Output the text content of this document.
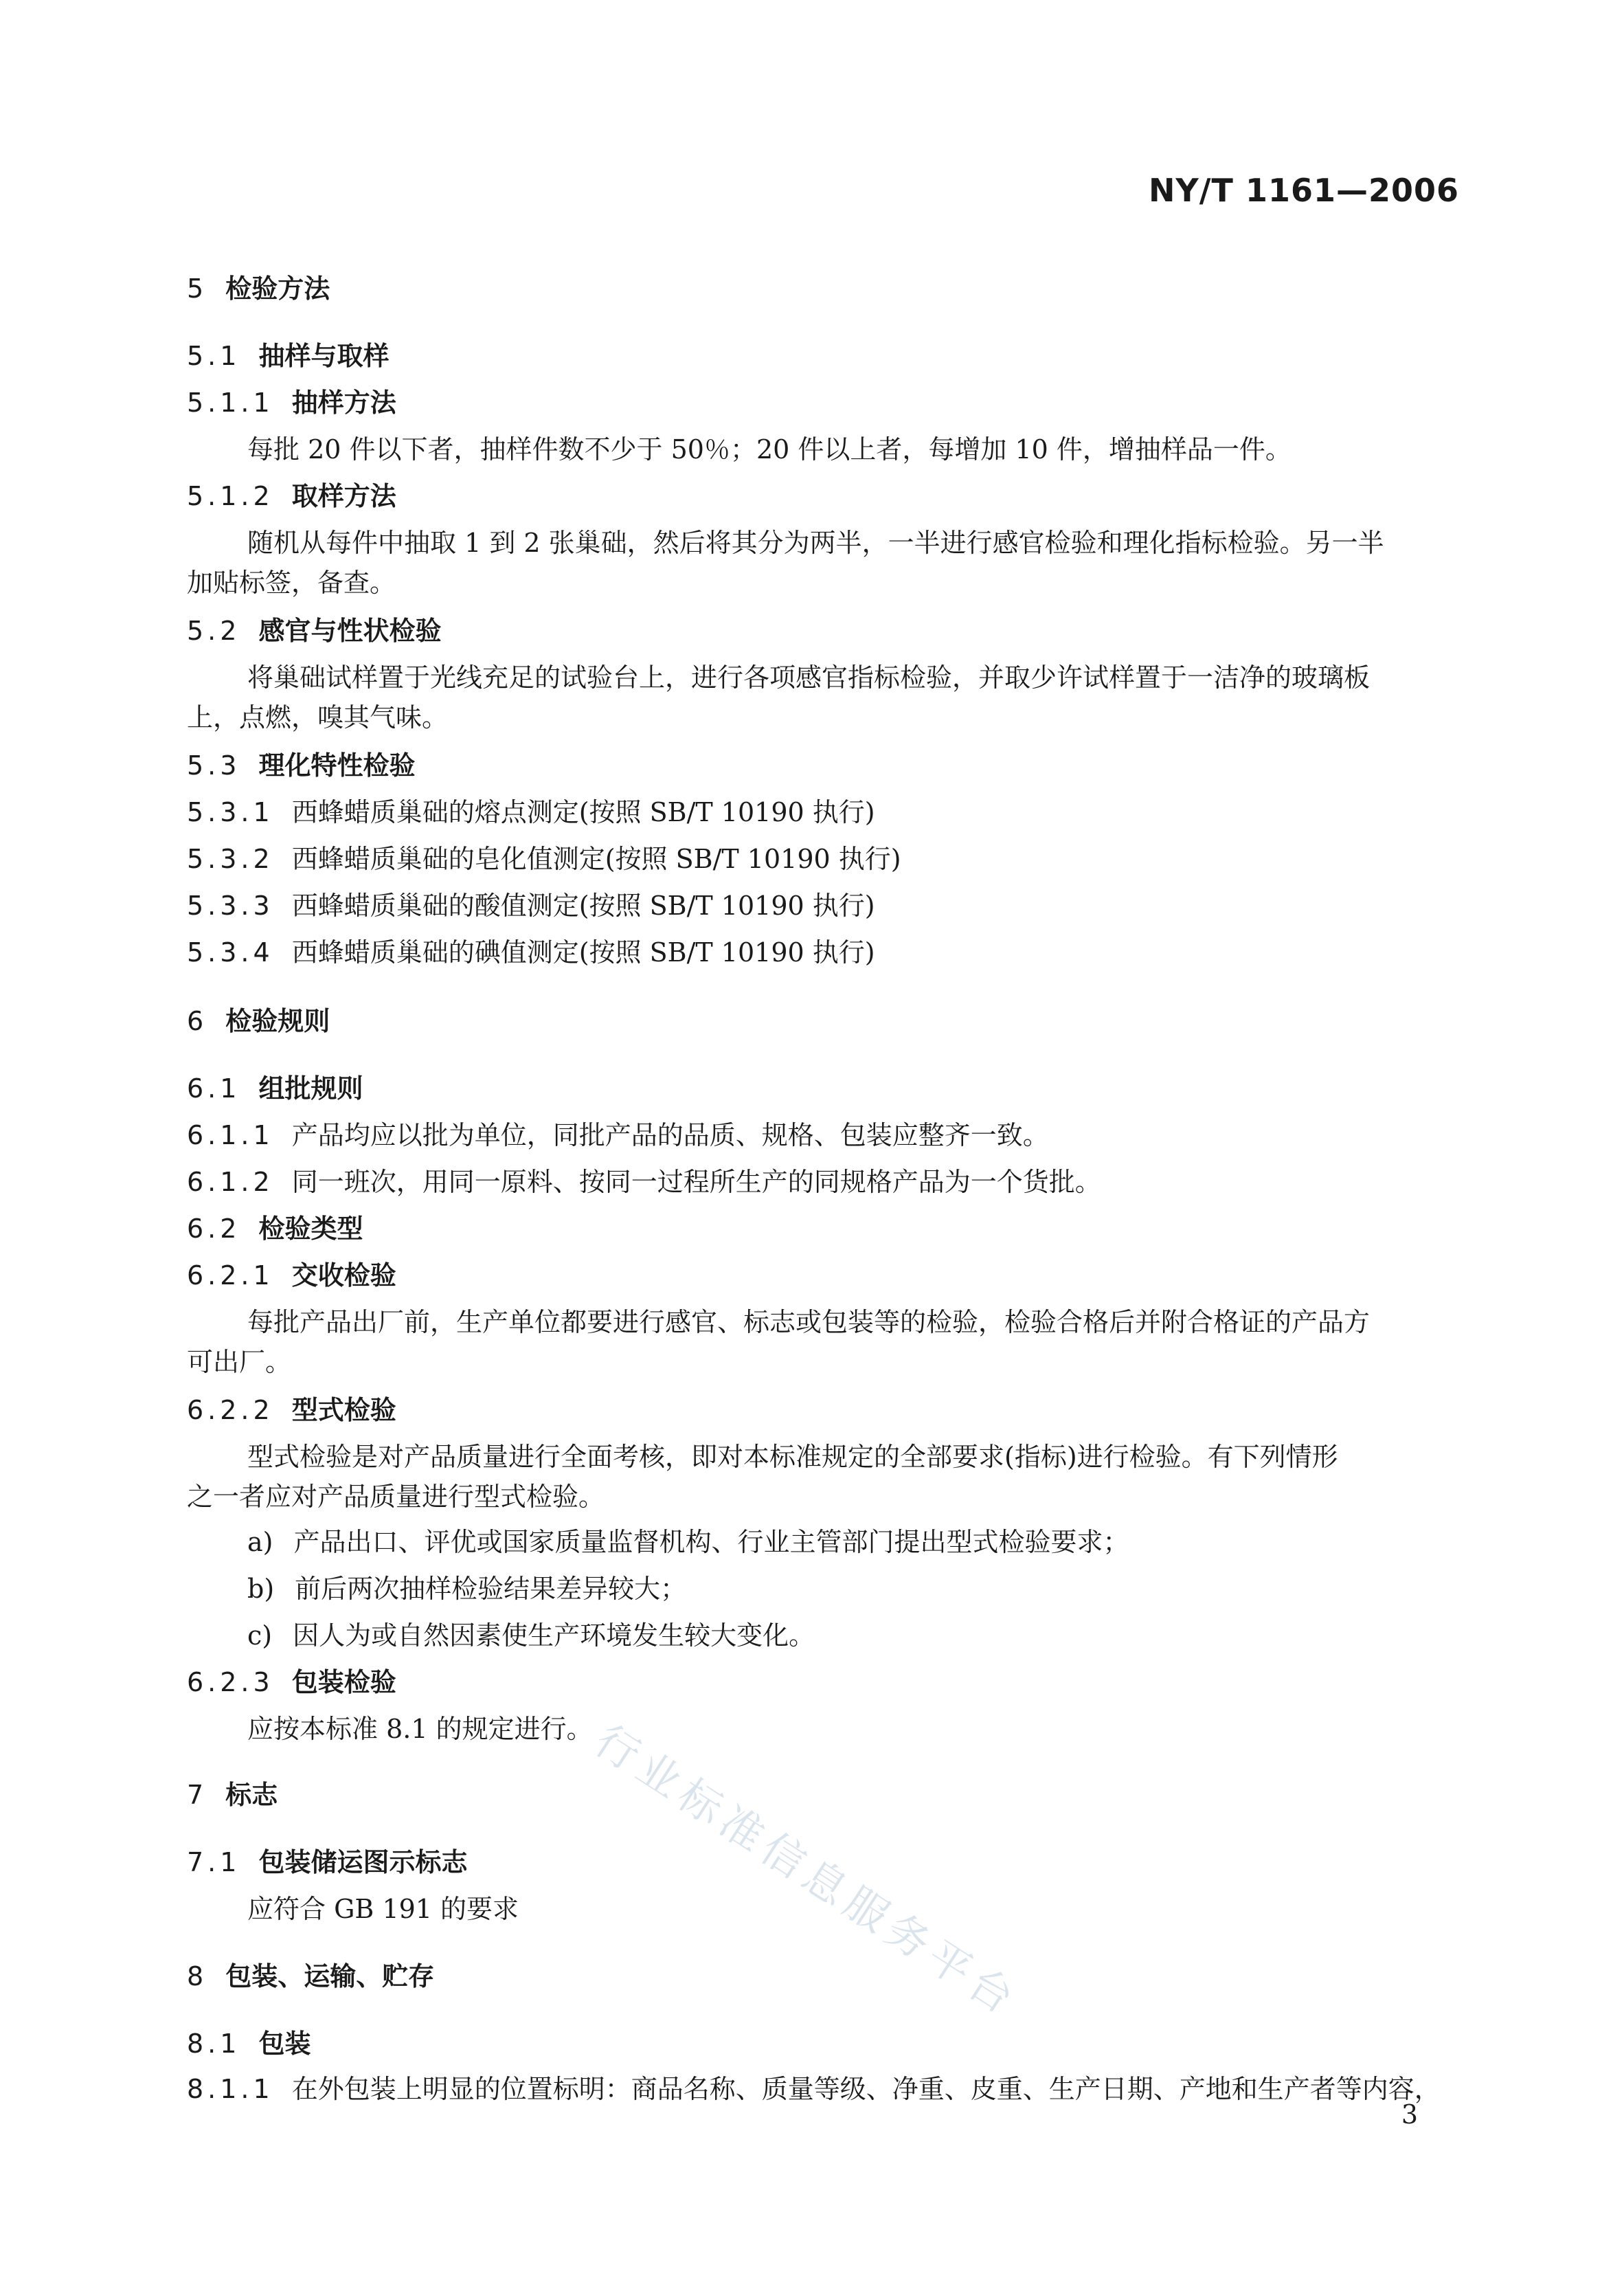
NY/T 1161—2006
5 检验方法
5.1 抽样与取样
5.1.1 抽样方法
每批 20 件以下者，抽样件数不少于 50％；20 件以上者，每增加 10 件，增抽样品一件。
5.1.2 取样方法
随机从每件中抽取 1 到 2 张巢础，然后将其分为两半，一半进行感官检验和理化指标检验。另一半
加贴标签，备查。
5.2 感官与性状检验
将巢础试样置于光线充足的试验台上，进行各项感官指标检验，并取少许试样置于一洁净的玻璃板
上，点燃，嗅其气味。
5.3 理化特性检验
5.3.1 西蜂蜡质巢础的熔点测定(按照 SB/T 10190 执行)
5.3.2 西蜂蜡质巢础的皂化值测定(按照 SB/T 10190 执行)
5.3.3 西蜂蜡质巢础的酸值测定(按照 SB/T 10190 执行)
5.3.4 西蜂蜡质巢础的碘值测定(按照 SB/T 10190 执行)
6 检验规则
6.1 组批规则
6.1.1 产品均应以批为单位，同批产品的品质、规格、包装应整齐一致。
6.1.2 同一班次，用同一原料、按同一过程所生产的同规格产品为一个货批。
6.2 检验类型
6.2.1 交收检验
每批产品出厂前，生产单位都要进行感官、标志或包装等的检验，检验合格后并附合格证的产品方
可出厂。
6.2.2 型式检验
型式检验是对产品质量进行全面考核，即对本标准规定的全部要求(指标)进行检验。有下列情形
之一者应对产品质量进行型式检验。
a) 产品出口、评优或国家质量监督机构、行业主管部门提出型式检验要求；
b) 前后两次抽样检验结果差异较大；
c) 因人为或自然因素使生产环境发生较大变化。
6.2.3 包装检验
应按本标准 8.1 的规定进行。
7 标志
7.1 包装储运图示标志
应符合 GB 191 的要求
8 包装、运输、贮存
8.1 包装
8.1.1 在外包装上明显的位置标明：商品名称、质量等级、净重、皮重、生产日期、产地和生产者等内容，
行业标准信息服务平台
3
